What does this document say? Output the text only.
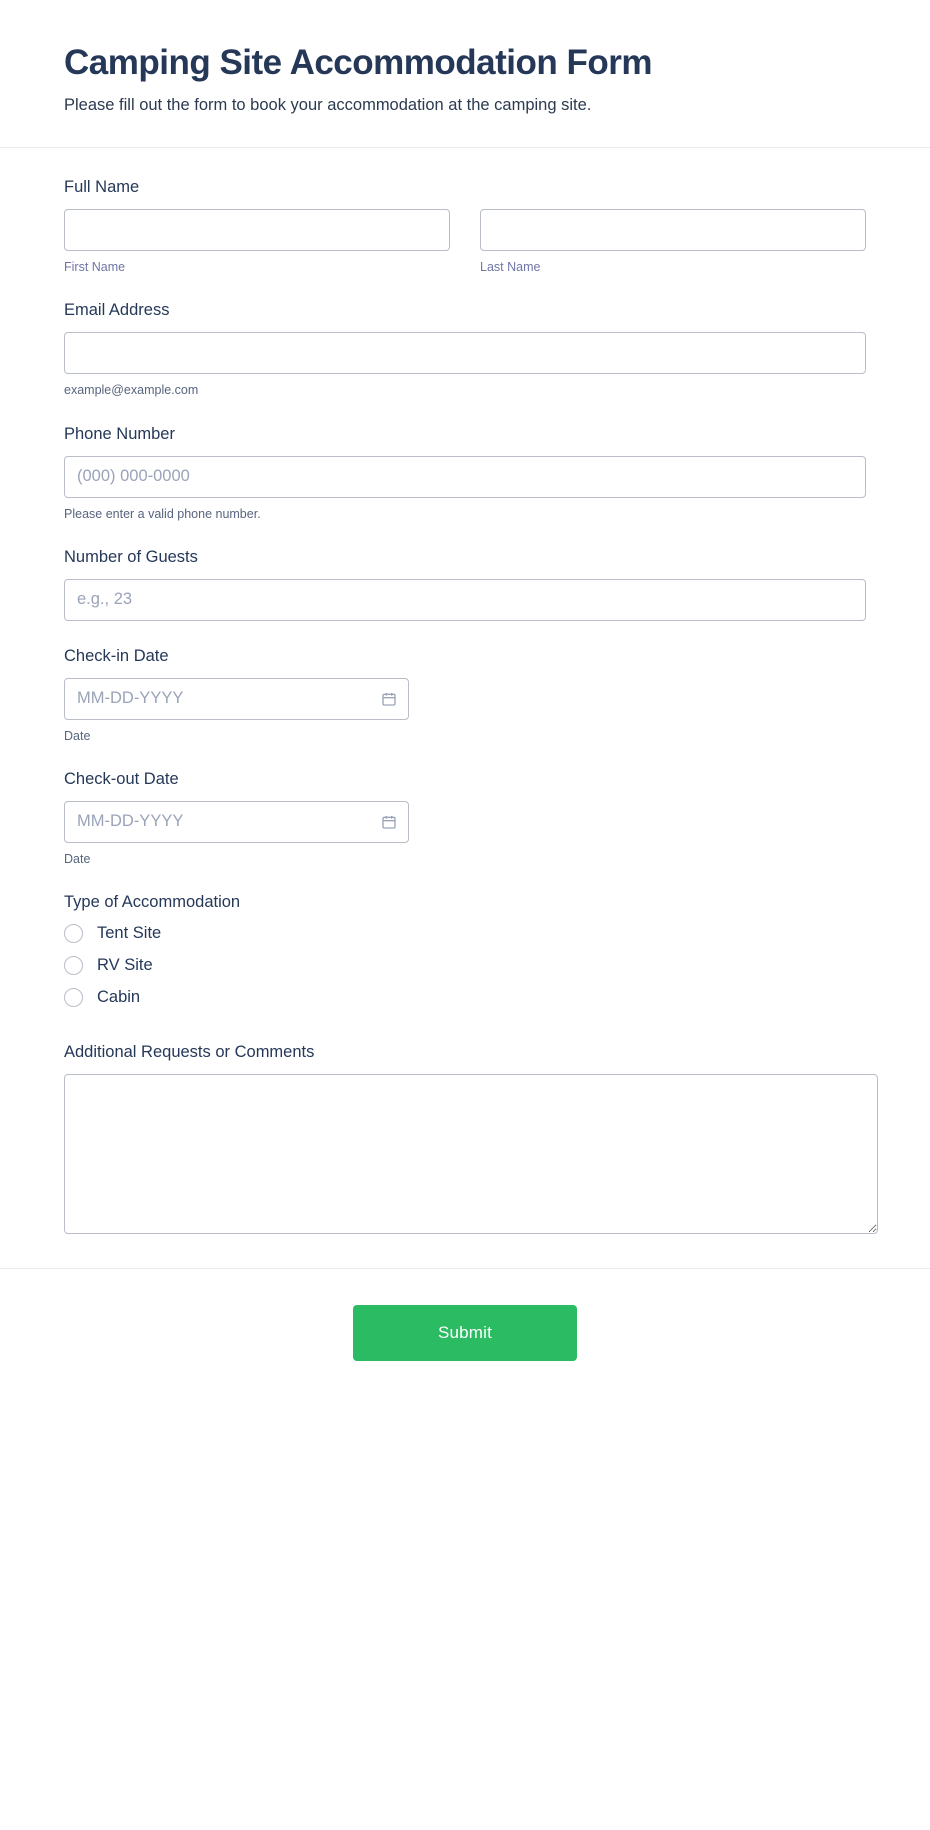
Camping Site Accommodation Form

Please fill out the form to book your accommodation at the camping site.

Full Name
First Name	Last Name
Email Address
example@example.com
Phone Number
(000) 000-0000
Please enter a valid phone number.
Number of Guests
e.g., 23
Check-in Date
MM-DD-YYYY
Date
Check-out Date
MM-DD-YYYY
Date
Type of Accommodation
Tent Site
RV Site
Cabin
Additional Requests or Comments
Submit
